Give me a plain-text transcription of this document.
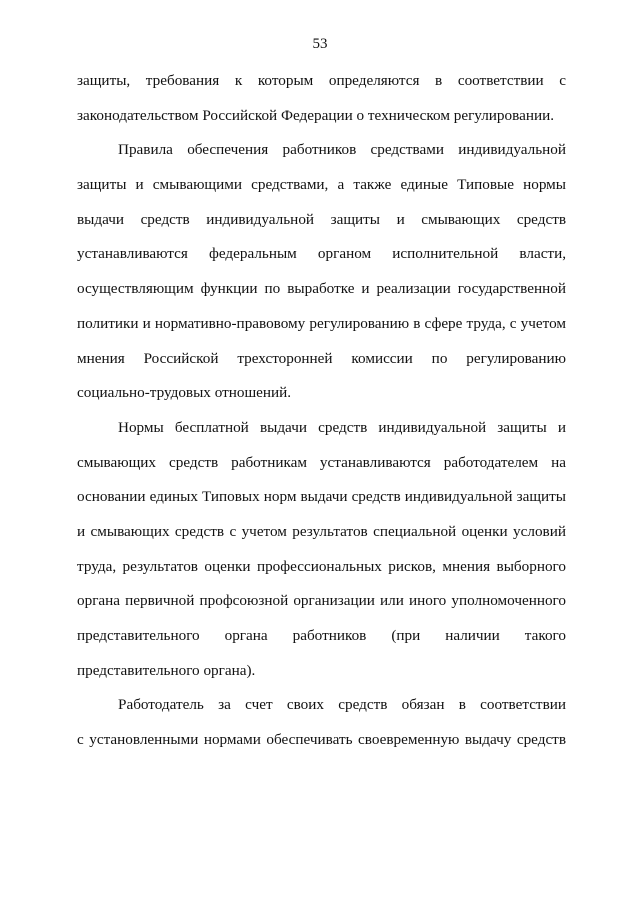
53
защиты, требования к которым определяются в соответствии с
законодательством Российской Федерации о техническом регулировании.
Правила обеспечения работников средствами индивидуальной
защиты и смывающими средствами, а также единые Типовые нормы
выдачи средств индивидуальной защиты и смывающих средств
устанавливаются федеральным органом исполнительной власти,
осуществляющим функции по выработке и реализации государственной
политики и нормативно-правовому регулированию в сфере труда, с учетом
мнения Российской трехсторонней комиссии по регулированию
социально-трудовых отношений.
Нормы бесплатной выдачи средств индивидуальной защиты и
смывающих средств работникам устанавливаются работодателем на
основании единых Типовых норм выдачи средств индивидуальной защиты
и смывающих средств с учетом результатов специальной оценки условий
труда, результатов оценки профессиональных рисков, мнения выборного
органа первичной профсоюзной организации или иного уполномоченного
представительного органа работников (при наличии такого
представительного органа).
Работодатель за счет своих средств обязан в соответствии
с установленными нормами обеспечивать своевременную выдачу средств
